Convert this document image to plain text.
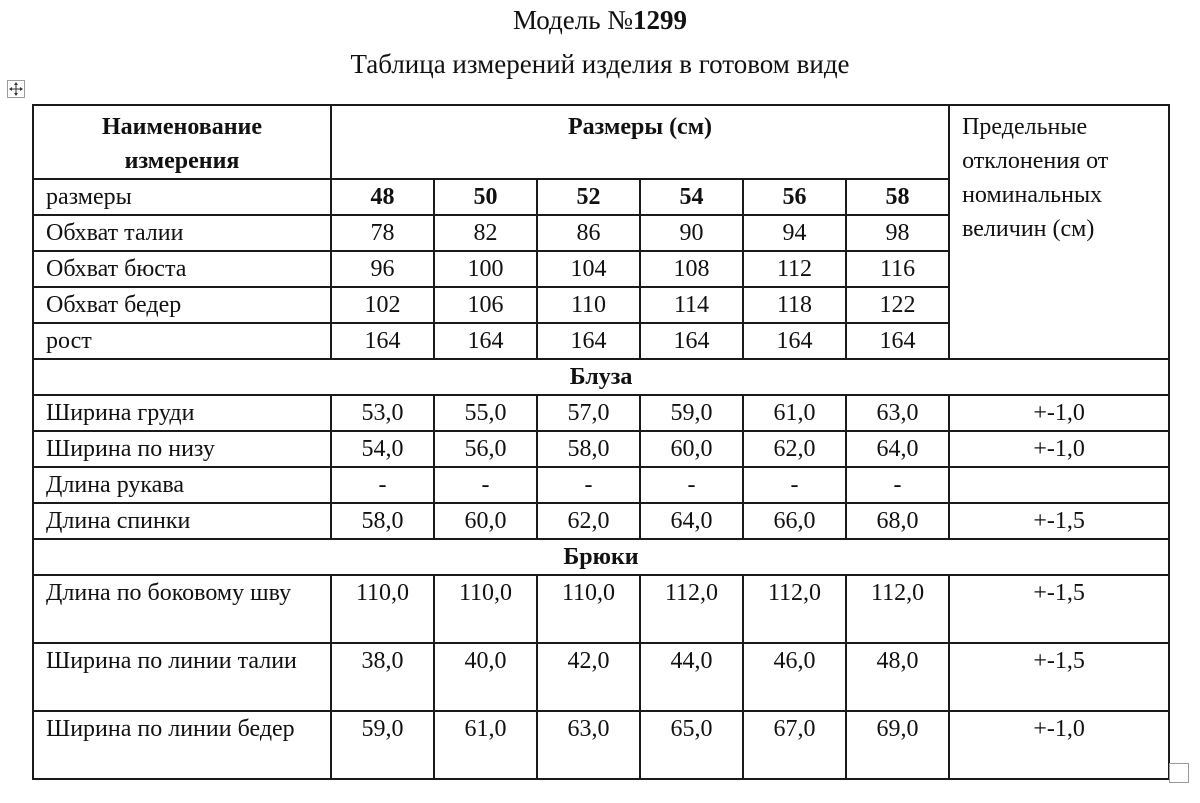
Модель №1299
Таблица измерений изделия в готовом виде
Наименование измерения	Размеры (см)						Предельные отклонения от номинальных величин (см)
размеры	48	50	52	54	56	58	
Обхват талии	78	82	86	90	94	98	
Обхват бюста	96	100	104	108	112	116	
Обхват бедер	102	106	110	114	118	122	
рост	164	164	164	164	164	164	
Блуза							
Ширина груди	53,0	55,0	57,0	59,0	61,0	63,0	+-1,0
Ширина по низу	54,0	56,0	58,0	60,0	62,0	64,0	+-1,0
Длина рукава	-	-	-	-	-	-	
Длина спинки	58,0	60,0	62,0	64,0	66,0	68,0	+-1,5
Брюки							
Длина по боковому шву	110,0	110,0	110,0	112,0	112,0	112,0	+-1,5
Ширина по линии талии	38,0	40,0	42,0	44,0	46,0	48,0	+-1,5
Ширина по линии бедер	59,0	61,0	63,0	65,0	67,0	69,0	+-1,0
